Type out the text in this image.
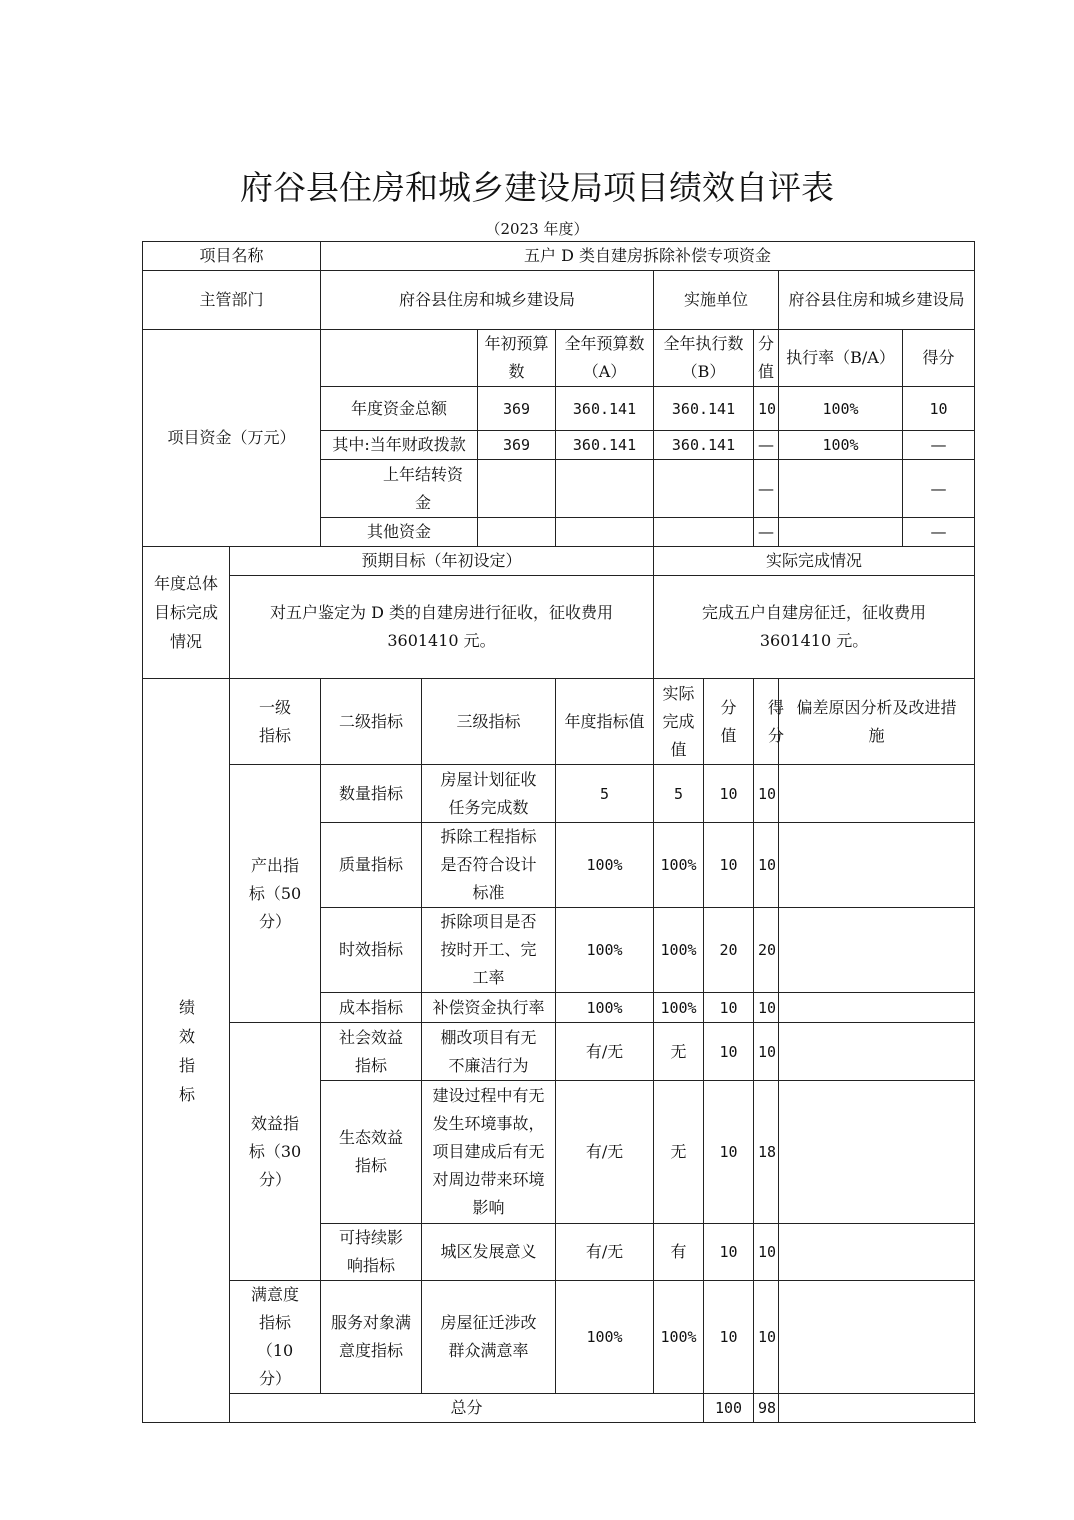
府谷县住房和城乡建设局项目绩效自评表
（2023 年度）
项目名称		五户 D 类自建房拆除补偿专项资金								
主管部门		府谷县住房和城乡建设局				实施单位			府谷县住房和城乡建设局	
项目资金（万元）				年初预算数	全年预算数（A）	全年执行数（B）		分值	执行率（B/A）	得分
		年度资金总额		369	360.141	360.141		10	100%	10
		其中:当年财政拨款		369	360.141	360.141		—	100%	—
		上年结转资金						—		—
		其他资金						—		—
年度总体目标完成情况	预期目标（年初设定）					实际完成情况				
	对五户鉴定为 D 类的自建房进行征收，征收费用3601410 元。					完成五户自建房征迁，征收费用3601410 元。				
绩效指标	一级指标	二级指标	三级指标		年度指标值	实际完成值	分值	得分	偏差原因分析及改进措施	
	产出指标（50 分）	数量指标	房屋计划征收任务完成数		5	5	10	10		
		质量指标	拆除工程指标是否符合设计标准		100%	100%	10	10		
		时效指标	拆除项目是否按时开工、完工率		100%	100%	20	20		
		成本指标	补偿资金执行率		100%	100%	10	10		
	效益指标（30 分）	社会效益指标	棚改项目有无不廉洁行为		有/无	无	10	10		
		生态效益指标	建设过程中有无发生环境事故，项目建成后有无对周边带来环境影响		有/无	无	10	18		
		可持续影响指标	城区发展意义		有/无	有	10	10		
	满意度指标（10 分）	服务对象满意度指标	房屋征迁涉改群众满意率		100%	100%	10	10		
	总分						100	98		
